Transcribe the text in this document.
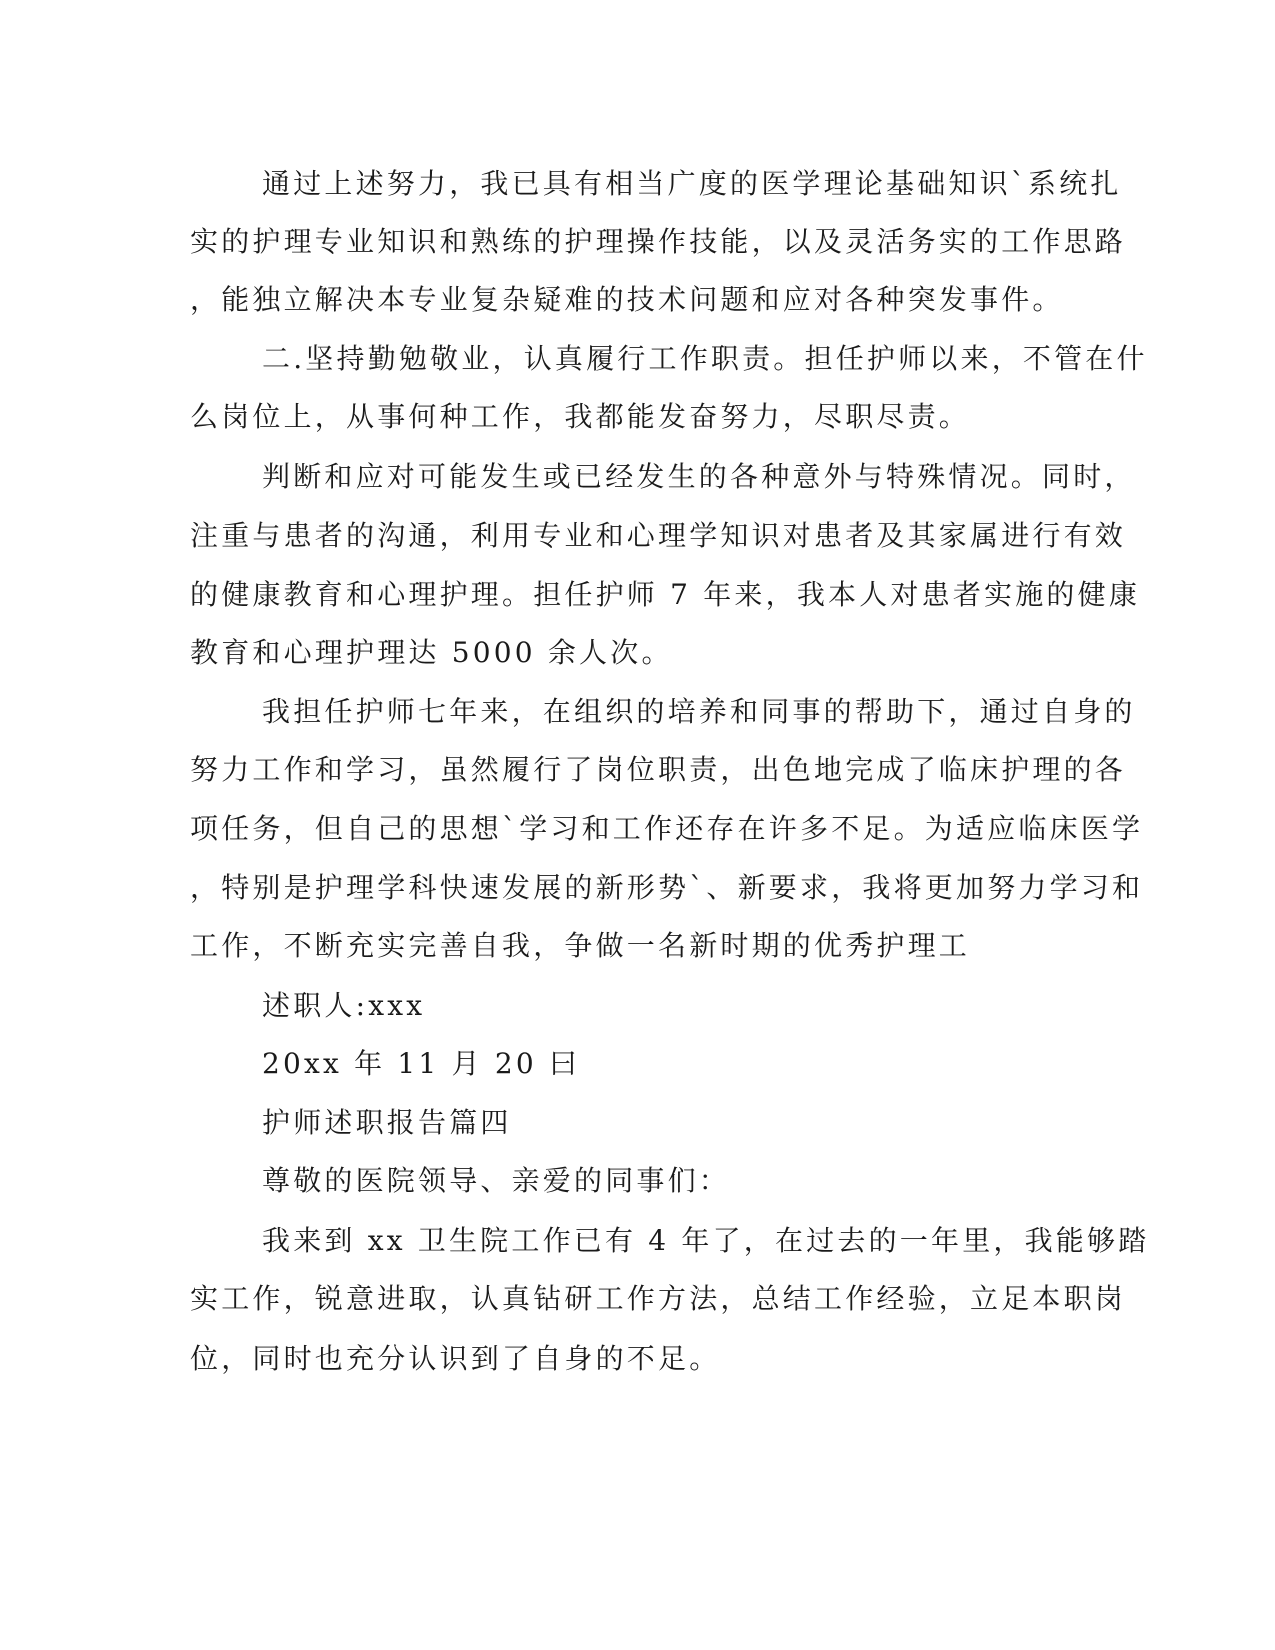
通过上述努力，我已具有相当广度的医学理论基础知识`系统扎
实的护理专业知识和熟练的护理操作技能，以及灵活务实的工作思路
，能独立解决本专业复杂疑难的技术问题和应对各种突发事件。
二.坚持勤勉敬业，认真履行工作职责。担任护师以来，不管在什
么岗位上，从事何种工作，我都能发奋努力，尽职尽责。
判断和应对可能发生或已经发生的各种意外与特殊情况。同时，
注重与患者的沟通，利用专业和心理学知识对患者及其家属进行有效
的健康教育和心理护理。担任护师 7 年来，我本人对患者实施的健康
教育和心理护理达 5000 余人次。
我担任护师七年来，在组织的培养和同事的帮助下，通过自身的
努力工作和学习，虽然履行了岗位职责，出色地完成了临床护理的各
项任务，但自己的思想`学习和工作还存在许多不足。为适应临床医学
，特别是护理学科快速发展的新形势`、新要求，我将更加努力学习和
工作，不断充实完善自我，争做一名新时期的优秀护理工
述职人:xxx
20xx 年 11 月 20 曰
护师述职报告篇四
尊敬的医院领导、亲爱的同事们：
我来到 xx 卫生院工作已有 4 年了，在过去的一年里，我能够踏
实工作，锐意进取，认真钻研工作方法，总结工作经验，立足本职岗
位，同时也充分认识到了自身的不足。
